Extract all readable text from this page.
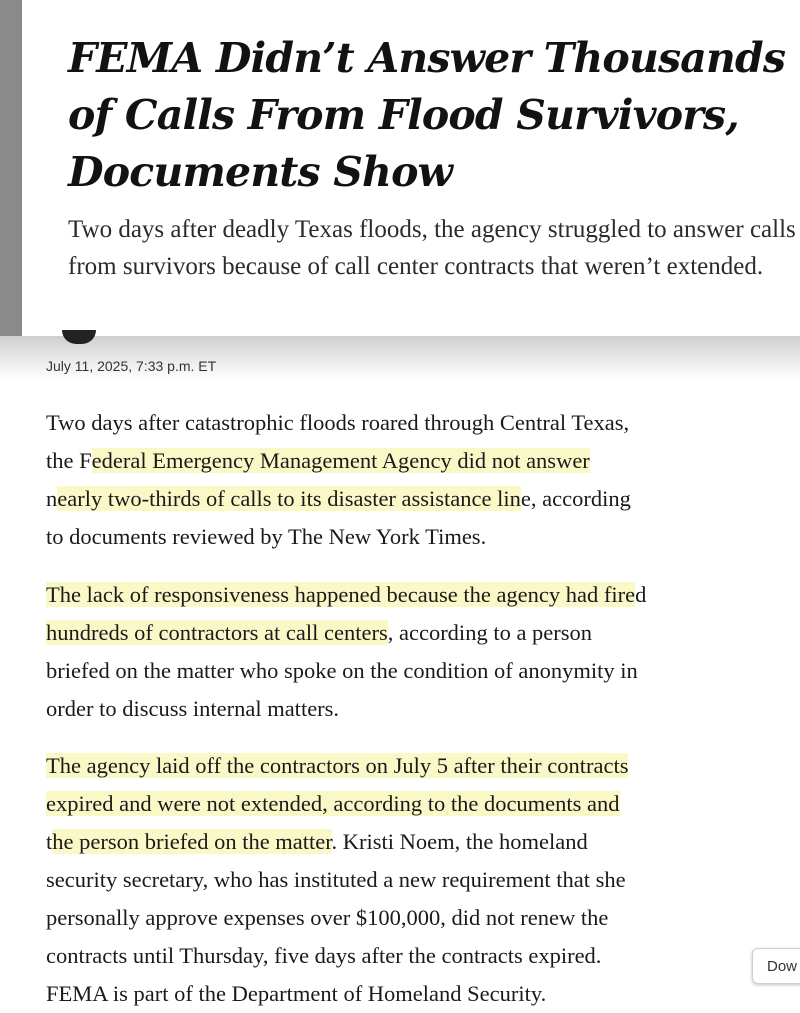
FEMA Didn’t Answer Thousands of Calls From Flood Survivors, Documents Show

Two days after deadly Texas floods, the agency struggled to answer calls from survivors because of call center contracts that weren’t extended.

July 11, 2025, 7:33 p.m. ET

Two days after catastrophic floods roared through Central Texas,
the Federal Emergency Management Agency did not answer
nearly two-thirds of calls to its disaster assistance line, according
to documents reviewed by The New York Times.
The lack of responsiveness happened because the agency had fired
hundreds of contractors at call centers, according to a person
briefed on the matter who spoke on the condition of anonymity in
order to discuss internal matters.
The agency laid off the contractors on July 5 after their contracts
expired and were not extended, according to the documents and
the person briefed on the matter. Kristi Noem, the homeland
security secretary, who has instituted a new requirement that she
personally approve expenses over $100,000, did not renew the
contracts until Thursday, five days after the contracts expired.
FEMA is part of the Department of Homeland Security.
Dow
